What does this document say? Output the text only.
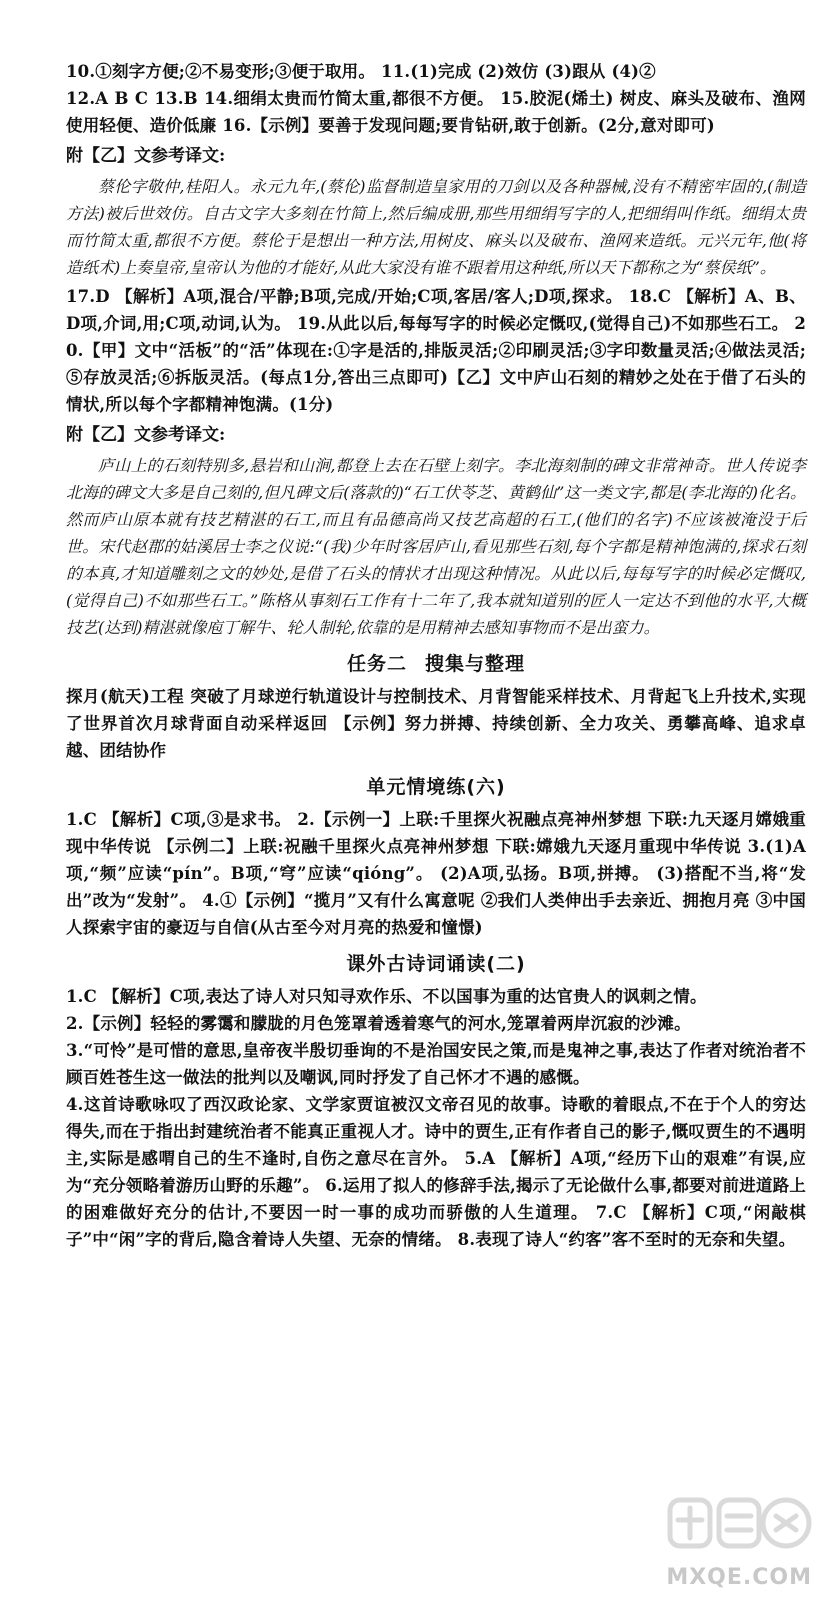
10.①刻字方便;②不易变形;③便于取用。 11.(1)完成 (2)效仿 (3)跟从 (4)②

12.A B C 13.B 14.细绢太贵而竹简太重,都很不方便。 15.胶泥(烯土) 树皮、麻头及破布、渔网 使用轻便、造价低廉 16.【示例】要善于发现问题;要肯钻研,敢于创新。(2分,意对即可)

附【乙】文参考译文:

蔡伦字敬仲,桂阳人。永元九年,(蔡伦)监督制造皇家用的刀剑以及各种器械,没有不精密牢固的,(制造方法)被后世效仿。自古文字大多刻在竹简上,然后编成册,那些用细绢写字的人,把细绢叫作纸。细绢太贵而竹简太重,都很不方便。蔡伦于是想出一种方法,用树皮、麻头以及破布、渔网来造纸。元兴元年,他(将造纸术)上奏皇帝,皇帝认为他的才能好,从此大家没有谁不跟着用这种纸,所以天下都称之为“蔡侯纸”。

17.D 【解析】A项,混合/平静;B项,完成/开始;C项,客居/客人;D项,探求。 18.C 【解析】A、B、D项,介词,用;C项,动词,认为。 19.从此以后,每每写字的时候必定慨叹,(觉得自己)不如那些石工。 20.【甲】文中“活板”的“活”体现在:①字是活的,排版灵活;②印刷灵活;③字印数量灵活;④做法灵活;⑤存放灵活;⑥拆版灵活。(每点1分,答出三点即可)【乙】文中庐山石刻的精妙之处在于借了石头的情状,所以每个字都精神饱满。(1分)

附【乙】文参考译文:

庐山上的石刻特别多,悬岩和山涧,都登上去在石壁上刻字。李北海刻制的碑文非常神奇。世人传说李北海的碑文大多是自己刻的,但凡碑文后(落款的)“石工伏苓芝、黄鹤仙”这一类文字,都是(李北海的)化名。然而庐山原本就有技艺精湛的石工,而且有品德高尚又技艺高超的石工,(他们的名字)不应该被淹没于后世。宋代赵郡的姑溪居士李之仪说:“(我)少年时客居庐山,看见那些石刻,每个字都是精神饱满的,探求石刻的本真,才知道雕刻之文的妙处,是借了石头的情状才出现这种情况。从此以后,每每写字的时候必定慨叹,(觉得自己)不如那些石工。”陈格从事刻石工作有十二年了,我本就知道别的匠人一定达不到他的水平,大概技艺(达到)精湛就像庖丁解牛、轮人制轮,依靠的是用精神去感知事物而不是出蛮力。

任务二 搜集与整理

探月(航天)工程 突破了月球逆行轨道设计与控制技术、月背智能采样技术、月背起飞上升技术,实现了世界首次月球背面自动采样返回 【示例】努力拼搏、持续创新、全力攻关、勇攀高峰、追求卓越、团结协作

单元情境练(六)

1.C 【解析】C项,③是求书。 2.【示例一】上联:千里探火祝融点亮神州梦想 下联:九天逐月嫦娥重现中华传说 【示例二】上联:祝融千里探火点亮神州梦想 下联:嫦娥九天逐月重现中华传说 3.(1)A项,“频”应读“pín”。B项,“穹”应读“qióng”。 (2)A项,弘扬。B项,拼搏。 (3)搭配不当,将“发出”改为“发射”。 4.①【示例】“揽月”又有什么寓意呢 ②我们人类伸出手去亲近、拥抱月亮 ③中国人探索宇宙的豪迈与自信(从古至今对月亮的热爱和憧憬)

课外古诗词诵读(二)

1.C 【解析】C项,表达了诗人对只知寻欢作乐、不以国事为重的达官贵人的讽刺之情。

2.【示例】轻轻的雾霭和朦胧的月色笼罩着透着寒气的河水,笼罩着两岸沉寂的沙滩。

3.“可怜”是可惜的意思,皇帝夜半殷切垂询的不是治国安民之策,而是鬼神之事,表达了作者对统治者不顾百姓苍生这一做法的批判以及嘲讽,同时抒发了自己怀才不遇的感慨。

4.这首诗歌咏叹了西汉政论家、文学家贾谊被汉文帝召见的故事。诗歌的着眼点,不在于个人的穷达得失,而在于指出封建统治者不能真正重视人才。诗中的贾生,正有作者自己的影子,慨叹贾生的不遇明主,实际是感喟自己的生不逢时,自伤之意尽在言外。 5.A 【解析】A项,“经历下山的艰难”有误,应为“充分领略着游历山野的乐趣”。 6.运用了拟人的修辞手法,揭示了无论做什么事,都要对前进道路上的困难做好充分的估计,不要因一时一事的成功而骄傲的人生道理。 7.C 【解析】C项,“闲敲棋子”中“闲”字的背后,隐含着诗人失望、无奈的情绪。 8.表现了诗人“约客”客不至时的无奈和失望。

MXQE.COM
